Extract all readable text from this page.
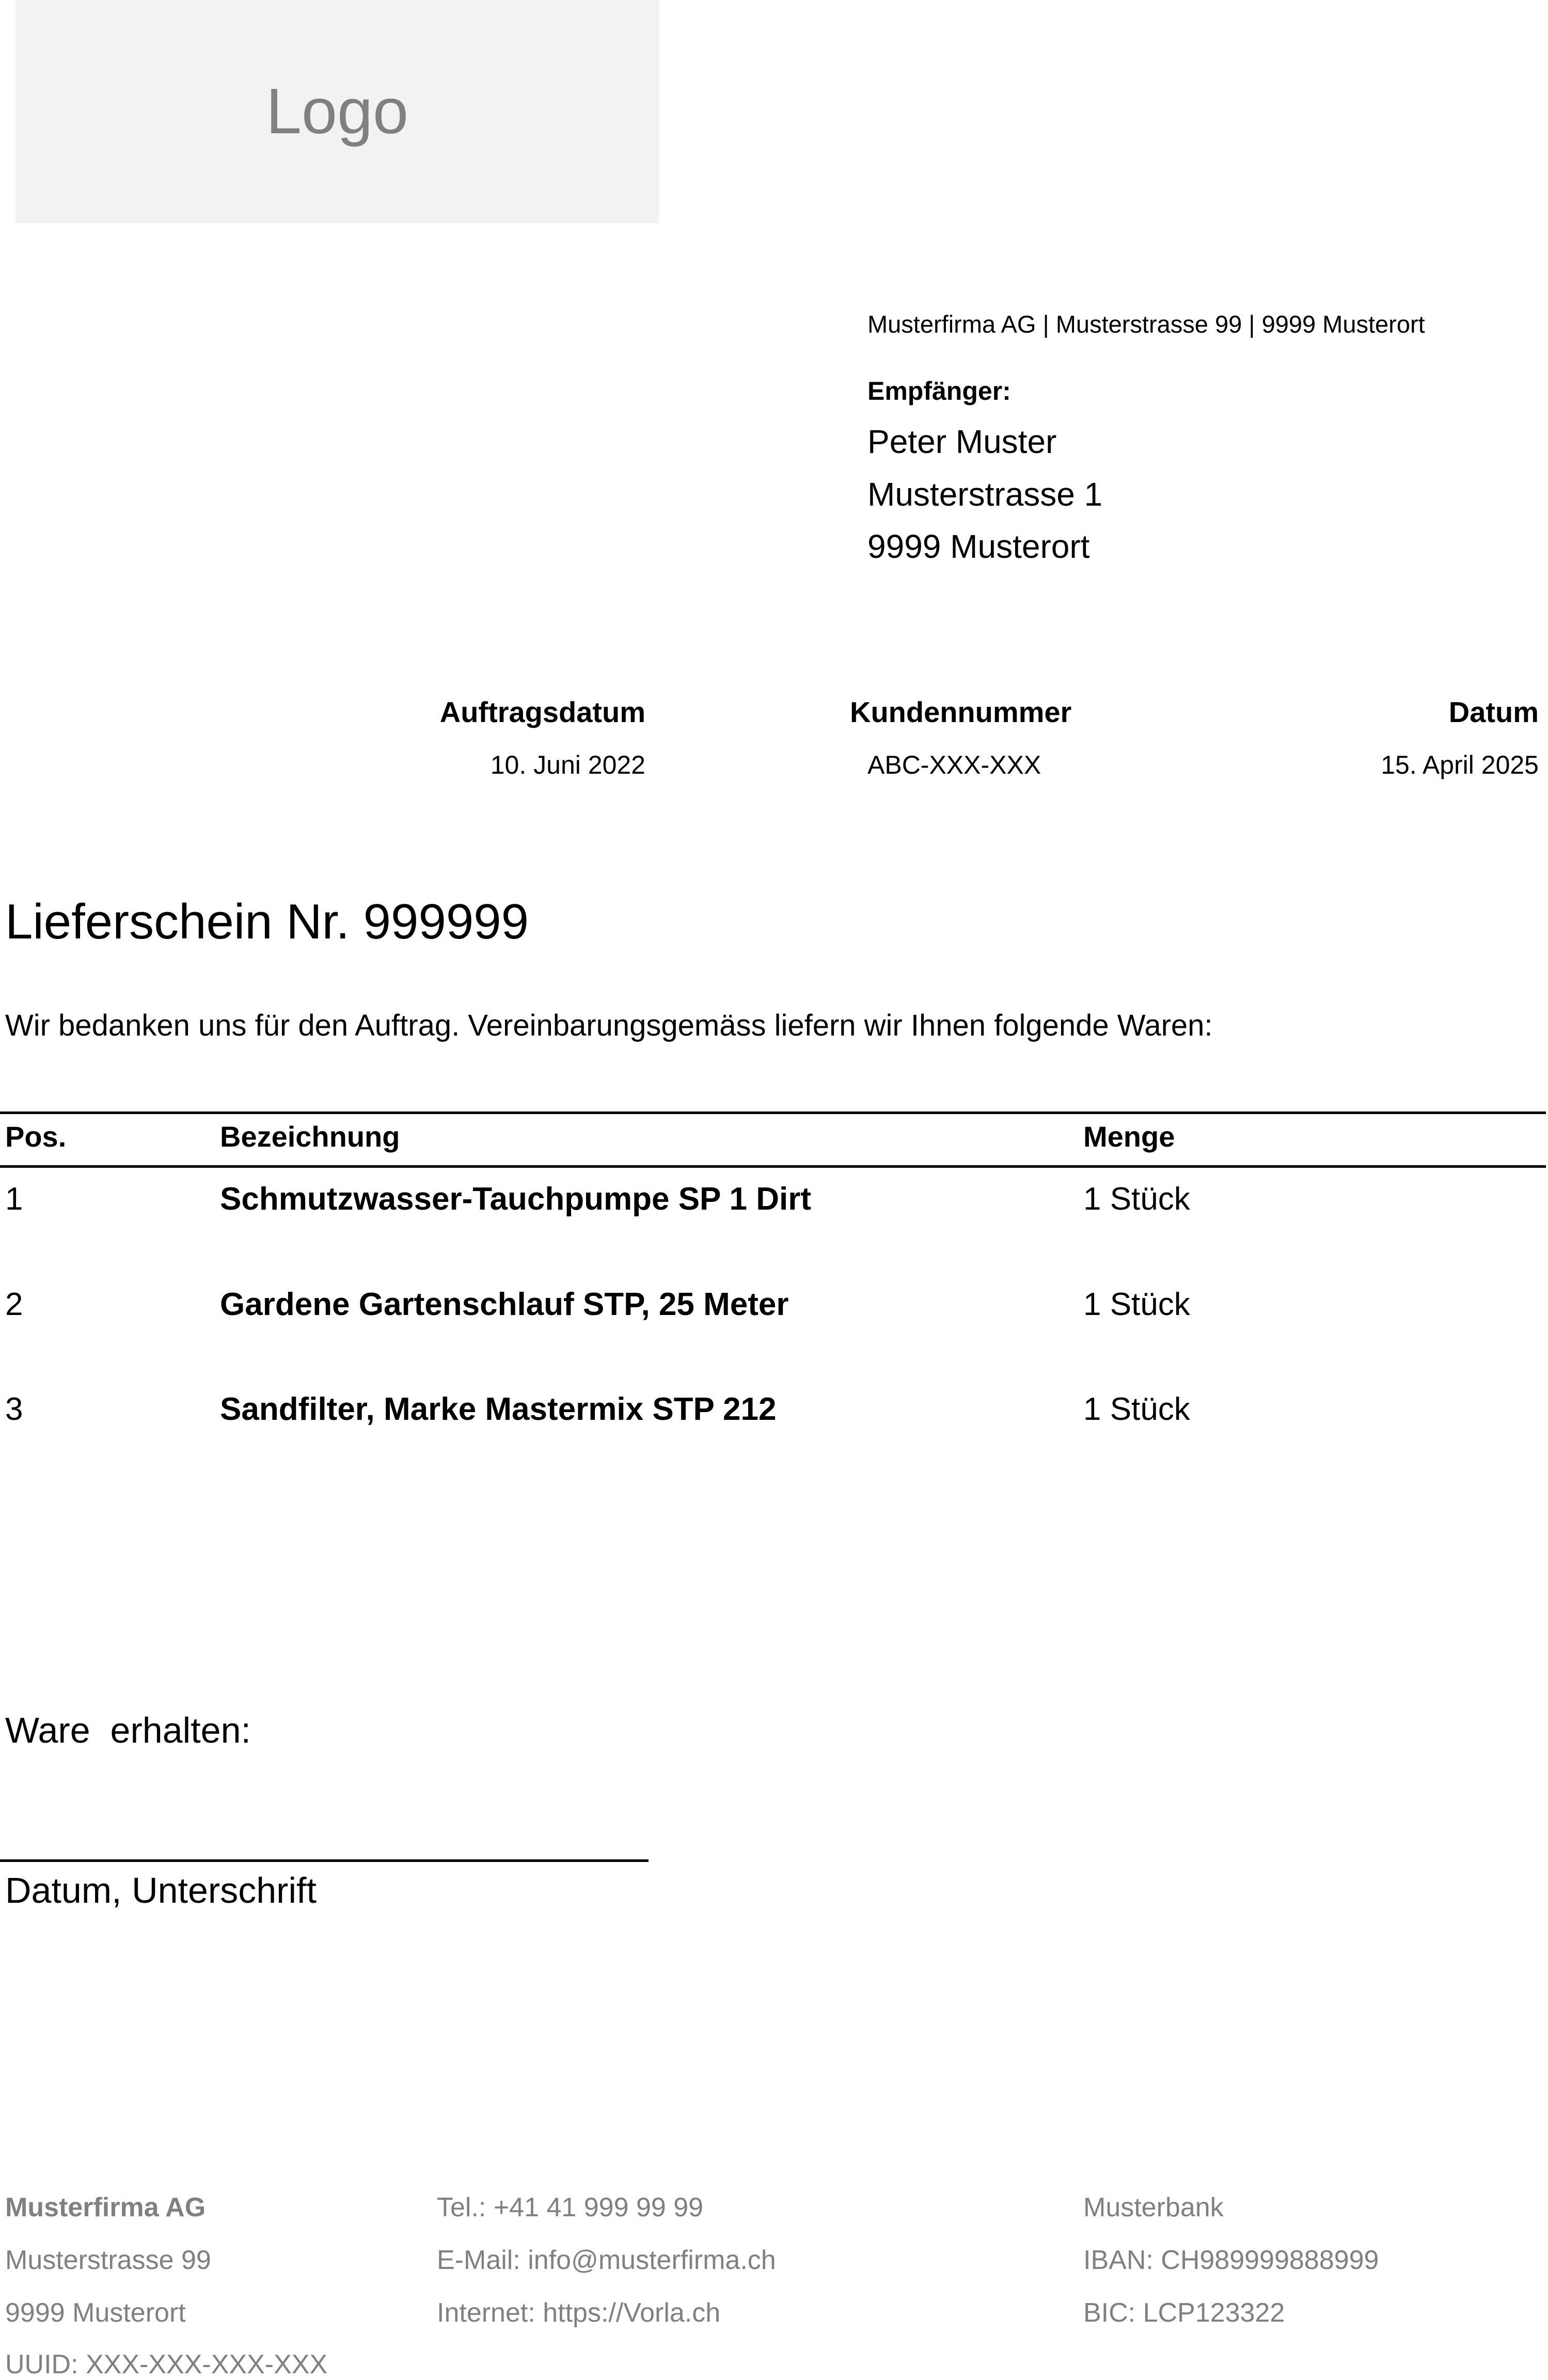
Logo
Musterfirma AG | Musterstrasse 99 | 9999 Musterort
Empfänger:
Peter Muster
Musterstrasse 1
9999 Musterort
Auftragsdatum
10. Juni 2022
Kundennummer
ABC-XXX-XXX
Datum
15. April 2025
Lieferschein Nr. 999999
Wir bedanken uns für den Auftrag. Vereinbarungsgemäss liefern wir Ihnen folgende Waren:
Pos.	Bezeichnung	Menge
1	Schmutzwasser-Tauchpumpe SP 1 Dirt	1 Stück
2	Gardene Gartenschlauf STP, 25 Meter	1 Stück
3	Sandfilter, Marke Mastermix STP 212	1 Stück
Ware  erhalten:
Datum, Unterschrift
Musterfirma AG
Musterstrasse 99
9999 Musterort
UUID: XXX-XXX-XXX-XXX
Tel.: +41 41 999 99 99
E-Mail: info@musterfirma.ch
Internet: https://Vorla.ch
Musterbank
IBAN: CH989999888999
BIC: LCP123322
